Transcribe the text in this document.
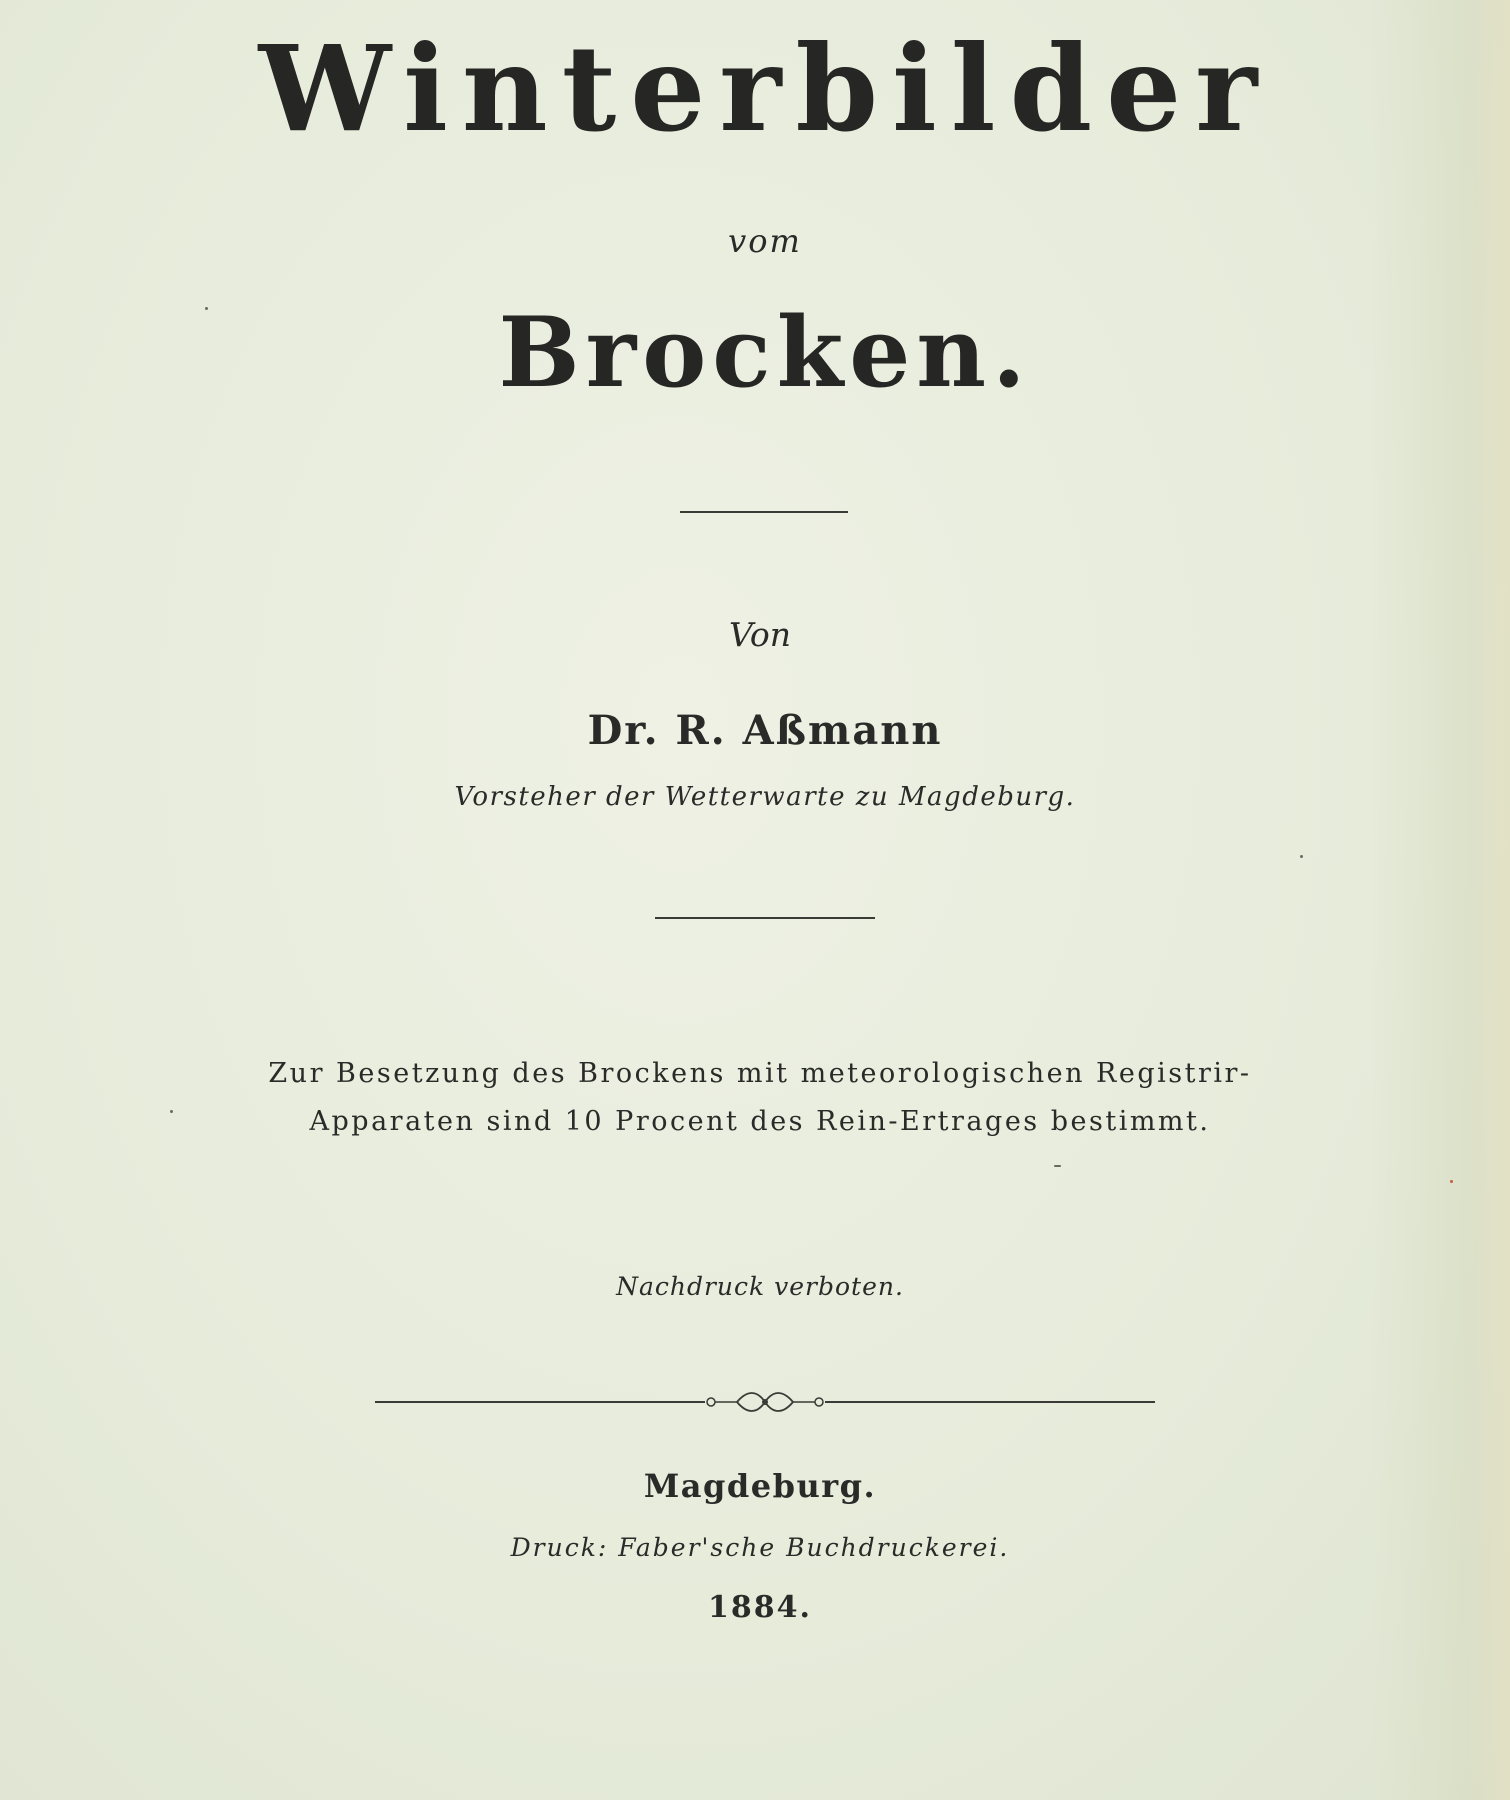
Winterbilder
vom
Brocken.
Von
Dr. R. Aßmann
Vorsteher der Wetterwarte zu Magdeburg.
Zur Besetzung des Brockens mit meteorologischen Registrir-
Apparaten sind 10 Procent des Rein-Ertrages bestimmt.
Nachdruck verboten.
Magdeburg.
Druck: Faber'sche Buchdruckerei.
1884.
